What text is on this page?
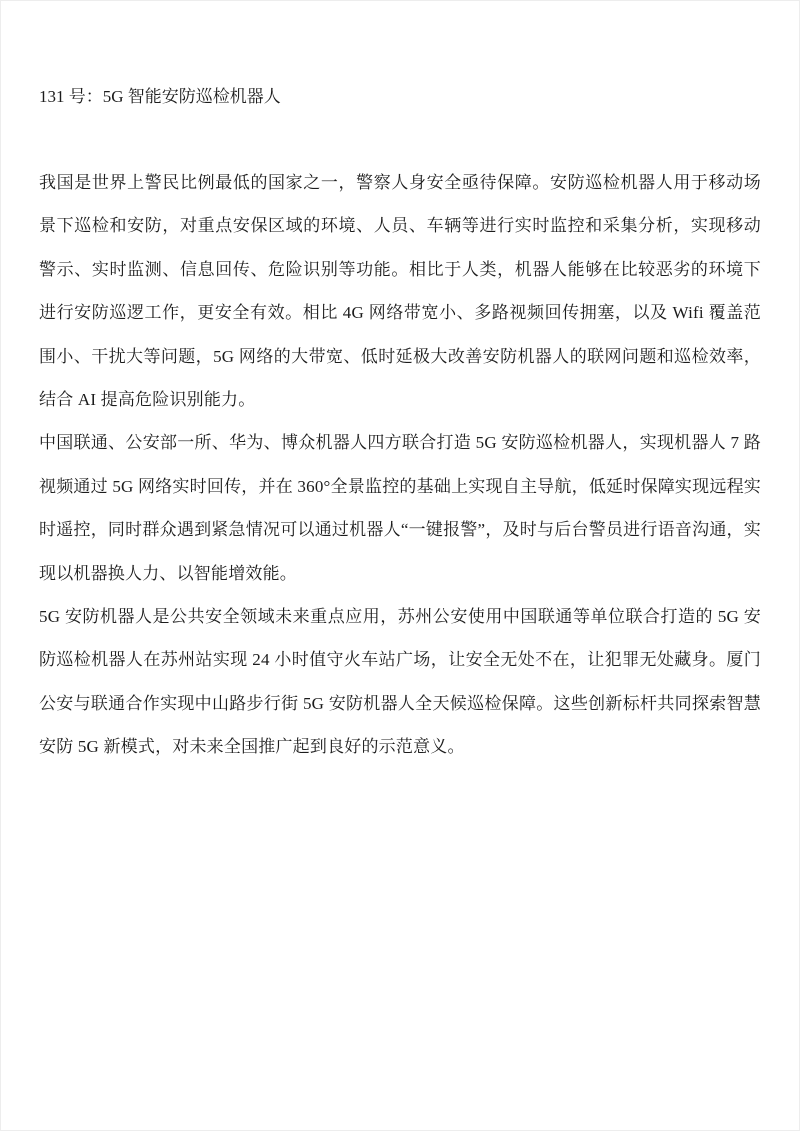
131 号：5G 智能安防巡检机器人

我国是世界上警民比例最低的国家之一，警察人身安全亟待保障。安防巡检机器人用于移动场景下巡检和安防，对重点安保区域的环境、人员、车辆等进行实时监控和采集分析，实现移动警示、实时监测、信息回传、危险识别等功能。相比于人类，机器人能够在比较恶劣的环境下进行安防巡逻工作，更安全有效。相比 4G 网络带宽小、多路视频回传拥塞，以及 Wifi 覆盖范围小、干扰大等问题，5G 网络的大带宽、低时延极大改善安防机器人的联网问题和巡检效率，结合 AI 提高危险识别能力。

中国联通、公安部一所、华为、博众机器人四方联合打造 5G 安防巡检机器人，实现机器人 7 路视频通过 5G 网络实时回传，并在 360°全景监控的基础上实现自主导航，低延时保障实现远程实时遥控，同时群众遇到紧急情况可以通过机器人“一键报警”，及时与后台警员进行语音沟通，实现以机器换人力、以智能增效能。

5G 安防机器人是公共安全领域未来重点应用，苏州公安使用中国联通等单位联合打造的 5G 安防巡检机器人在苏州站实现 24 小时值守火车站广场，让安全无处不在，让犯罪无处藏身。厦门公安与联通合作实现中山路步行街 5G 安防机器人全天候巡检保障。这些创新标杆共同探索智慧安防 5G 新模式，对未来全国推广起到良好的示范意义。
